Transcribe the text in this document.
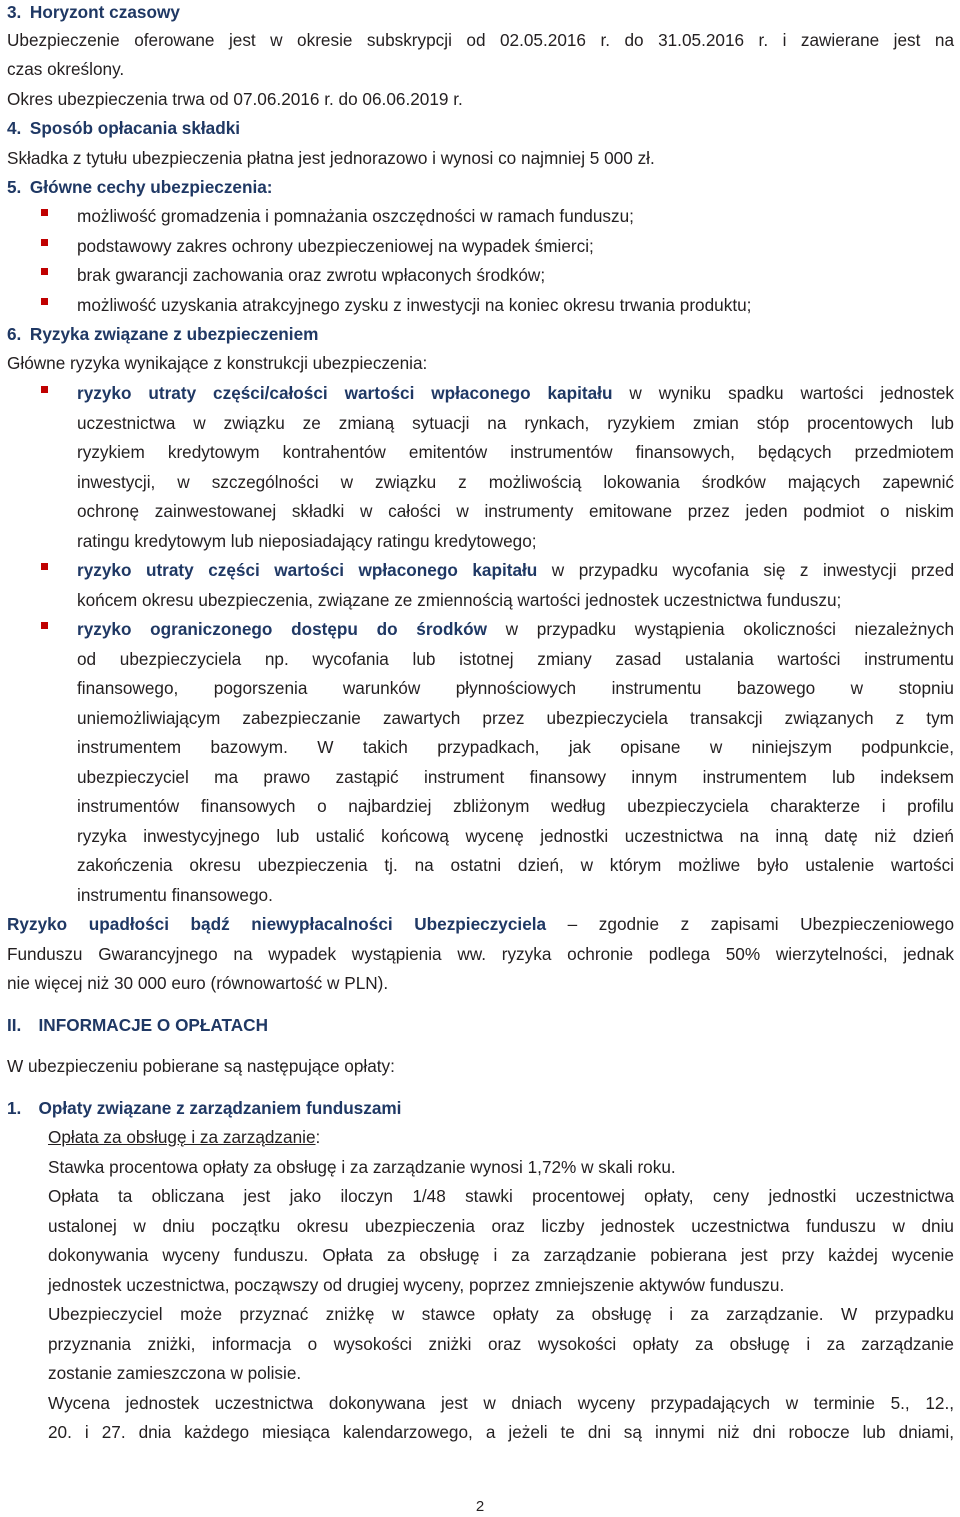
3. Horyzont czasowy
Ubezpieczenie oferowane jest w okresie subskrypcji od 02.05.2016 r. do 31.05.2016 r. i zawierane jest na
czas określony.
Okres ubezpieczenia trwa od 07.06.2016 r. do 06.06.2019 r.
4. Sposób opłacania składki
Składka z tytułu ubezpieczenia płatna jest jednorazowo i wynosi co najmniej 5 000 zł.
5. Główne cechy ubezpieczenia:
możliwość gromadzenia i pomnażania oszczędności w ramach funduszu;
podstawowy zakres ochrony ubezpieczeniowej na wypadek śmierci;
brak gwarancji zachowania oraz zwrotu wpłaconych środków;
możliwość uzyskania atrakcyjnego zysku z inwestycji na koniec okresu trwania produktu;
6. Ryzyka związane z ubezpieczeniem
Główne ryzyka wynikające z konstrukcji ubezpieczenia:
ryzyko utraty części/całości wartości wpłaconego kapitału w wyniku spadku wartości jednostek
uczestnictwa w związku ze zmianą sytuacji na rynkach, ryzykiem zmian stóp procentowych lub
ryzykiem kredytowym kontrahentów emitentów instrumentów finansowych, będących przedmiotem
inwestycji, w szczególności w związku z możliwością lokowania środków mających zapewnić
ochronę zainwestowanej składki w całości w instrumenty emitowane przez jeden podmiot o niskim
ratingu kredytowym lub nieposiadający ratingu kredytowego;
ryzyko utraty części wartości wpłaconego kapitału w przypadku wycofania się z inwestycji przed
końcem okresu ubezpieczenia, związane ze zmiennością wartości jednostek uczestnictwa funduszu;
ryzyko ograniczonego dostępu do środków w przypadku wystąpienia okoliczności niezależnych
od ubezpieczyciela np. wycofania lub istotnej zmiany zasad ustalania wartości instrumentu
finansowego, pogorszenia warunków płynnościowych instrumentu bazowego w stopniu
uniemożliwiającym zabezpieczanie zawartych przez ubezpieczyciela transakcji związanych z tym
instrumentem bazowym. W takich przypadkach, jak opisane w niniejszym podpunkcie,
ubezpieczyciel ma prawo zastąpić instrument finansowy innym instrumentem lub indeksem
instrumentów finansowych o najbardziej zbliżonym według ubezpieczyciela charakterze i profilu
ryzyka inwestycyjnego lub ustalić końcową wycenę jednostki uczestnictwa na inną datę niż dzień
zakończenia okresu ubezpieczenia tj. na ostatni dzień, w którym możliwe było ustalenie wartości
instrumentu finansowego.
Ryzyko upadłości bądź niewypłacalności Ubezpieczyciela – zgodnie z zapisami Ubezpieczeniowego
Funduszu Gwarancyjnego na wypadek wystąpienia ww. ryzyka ochronie podlega 50% wierzytelności, jednak
nie więcej niż 30 000 euro (równowartość w PLN).
II. INFORMACJE O OPŁATACH
W ubezpieczeniu pobierane są następujące opłaty:
1. Opłaty związane z zarządzaniem funduszami
Opłata za obsługę i za zarządzanie:
Stawka procentowa opłaty za obsługę i za zarządzanie wynosi 1,72% w skali roku.
Opłata ta obliczana jest jako iloczyn 1/48 stawki procentowej opłaty, ceny jednostki uczestnictwa
ustalonej w dniu początku okresu ubezpieczenia oraz liczby jednostek uczestnictwa funduszu w dniu
dokonywania wyceny funduszu. Opłata za obsługę i za zarządzanie pobierana jest przy każdej wycenie
jednostek uczestnictwa, począwszy od drugiej wyceny, poprzez zmniejszenie aktywów funduszu.
Ubezpieczyciel może przyznać zniżkę w stawce opłaty za obsługę i za zarządzanie. W przypadku
przyznania zniżki, informacja o wysokości zniżki oraz wysokości opłaty za obsługę i za zarządzanie
zostanie zamieszczona w polisie.
Wycena jednostek uczestnictwa dokonywana jest w dniach wyceny przypadających w terminie 5., 12.,
20. i 27. dnia każdego miesiąca kalendarzowego, a jeżeli te dni są innymi niż dni robocze lub dniami,
2
